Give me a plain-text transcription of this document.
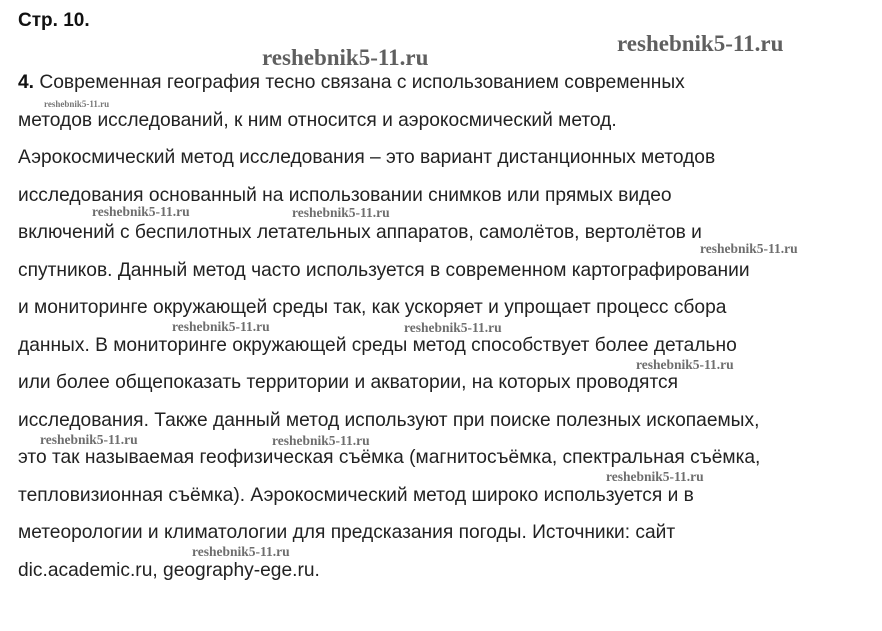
Стр. 10.
reshebnik5-11.ru
reshebnik5-11.ru
reshebnik5-11.ru
reshebnik5-11.ru	reshebnik5-11.ru
reshebnik5-11.ru
reshebnik5-11.ru	reshebnik5-11.ru
reshebnik5-11.ru
reshebnik5-11.ru	reshebnik5-11.ru
reshebnik5-11.ru
reshebnik5-11.ru
4. Современная география тесно связана с использованием современных
методов исследований, к ним относится и аэрокосмический метод.
Аэрокосмический метод исследования – это вариант дистанционных методов
исследования основанный на использовании снимков или прямых видео
включений с беспилотных летательных аппаратов, самолётов, вертолётов и
спутников. Данный метод часто используется в современном картографировании
и мониторинге окружающей среды так, как ускоряет и упрощает процесс сбора
данных. В мониторинге окружающей среды метод способствует более детально
или более общепоказать территории и акватории, на которых проводятся
исследования. Также данный метод используют при поиске полезных ископаемых,
это так называемая геофизическая съёмка (магнитосъёмка, спектральная съёмка,
тепловизионная съёмка). Аэрокосмический метод широко используется и в
метеорологии и климатологии для предсказания погоды. Источники: сайт
dic.academic.ru, geography-ege.ru.
